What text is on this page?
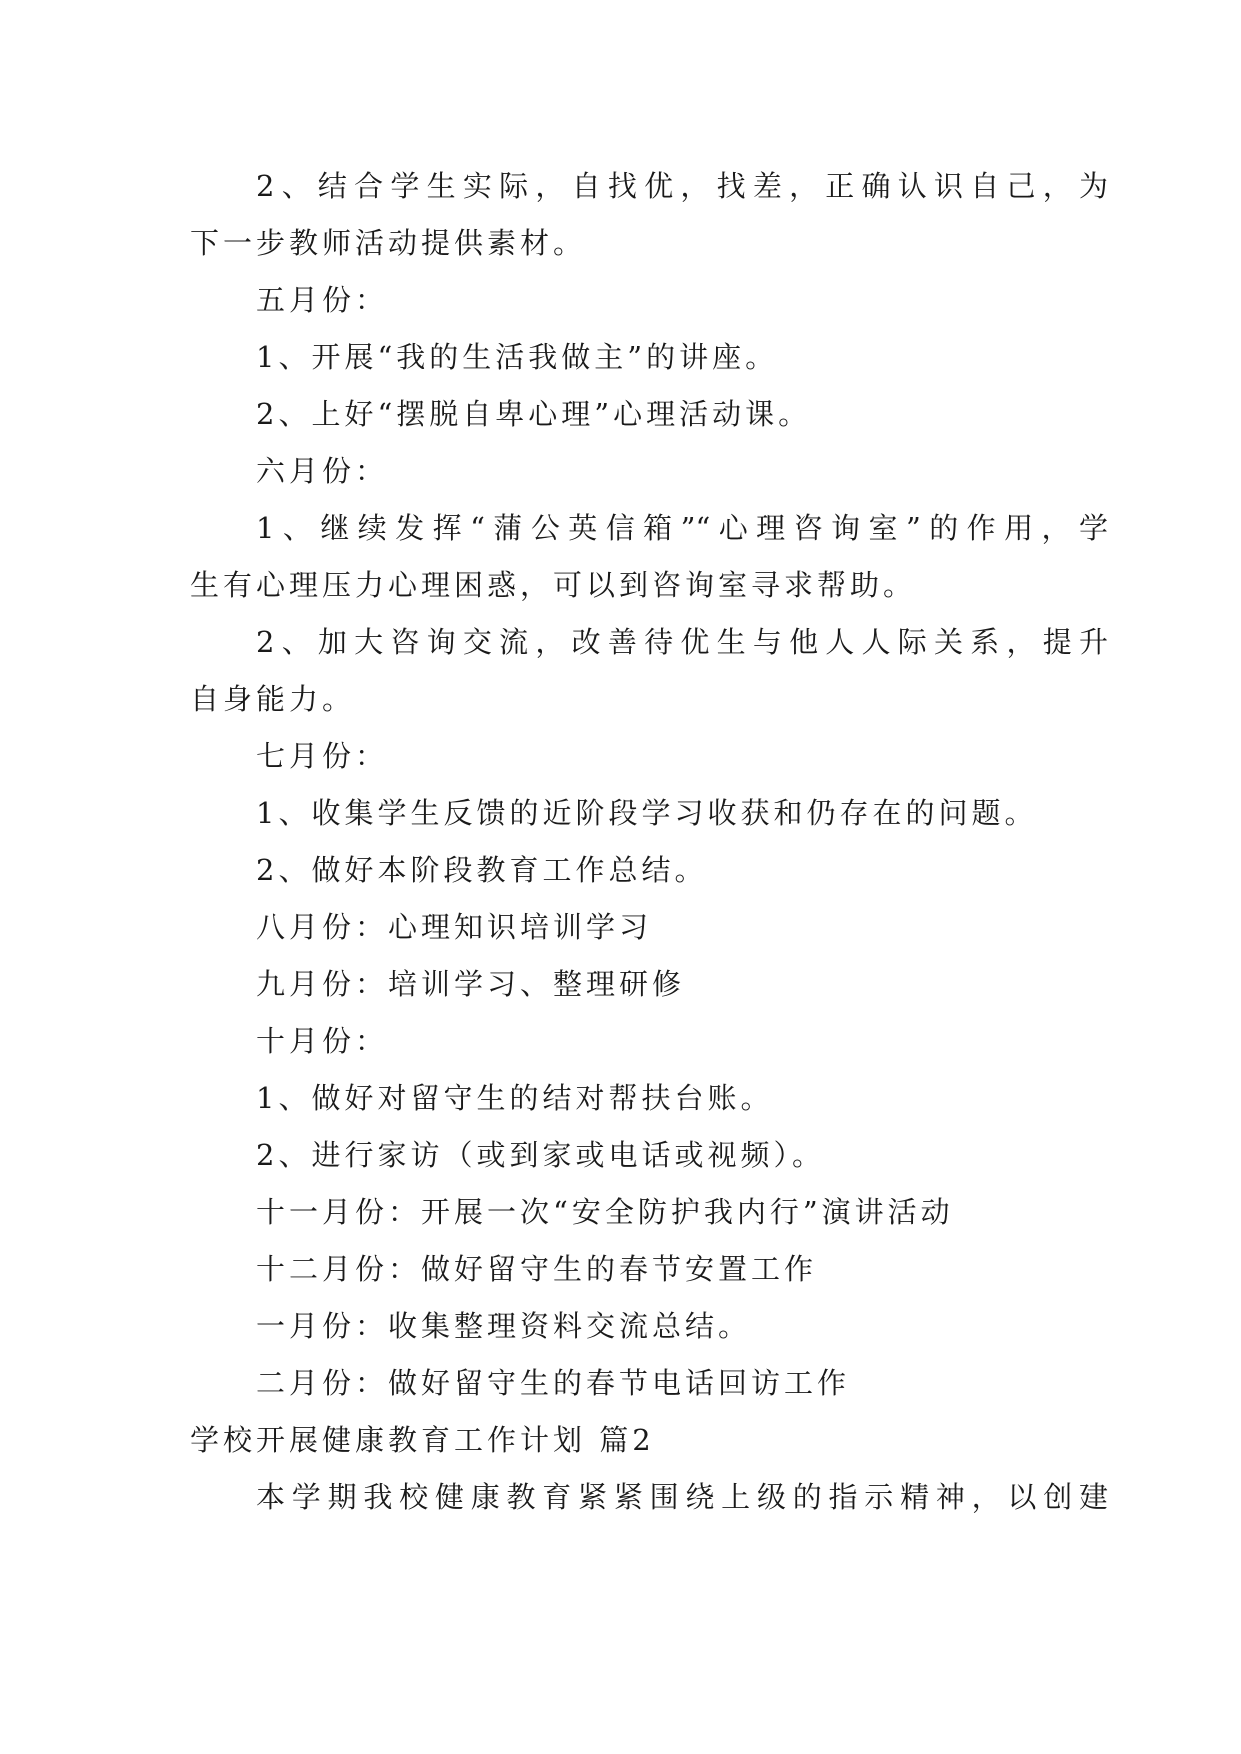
2、结合学生实际，自找优，找差，正确认识自己，为
下一步教师活动提供素材。
五月份：
1、开展“我的生活我做主”的讲座。
2、上好“摆脱自卑心理”心理活动课。
六月份：
1、继续发挥“蒲公英信箱”“心理咨询室”的作用，学
生有心理压力心理困惑，可以到咨询室寻求帮助。
2、加大咨询交流，改善待优生与他人人际关系，提升
自身能力。
七月份：
1、收集学生反馈的近阶段学习收获和仍存在的问题。
2、做好本阶段教育工作总结。
八月份：心理知识培训学习
九月份：培训学习、整理研修
十月份：
1、做好对留守生的结对帮扶台账。
2、进行家访（或到家或电话或视频）。
十一月份：开展一次“安全防护我内行”演讲活动
十二月份：做好留守生的春节安置工作
一月份：收集整理资料交流总结。
二月份：做好留守生的春节电话回访工作
学校开展健康教育工作计划 篇2
本学期我校健康教育紧紧围绕上级的指示精神，以创建
